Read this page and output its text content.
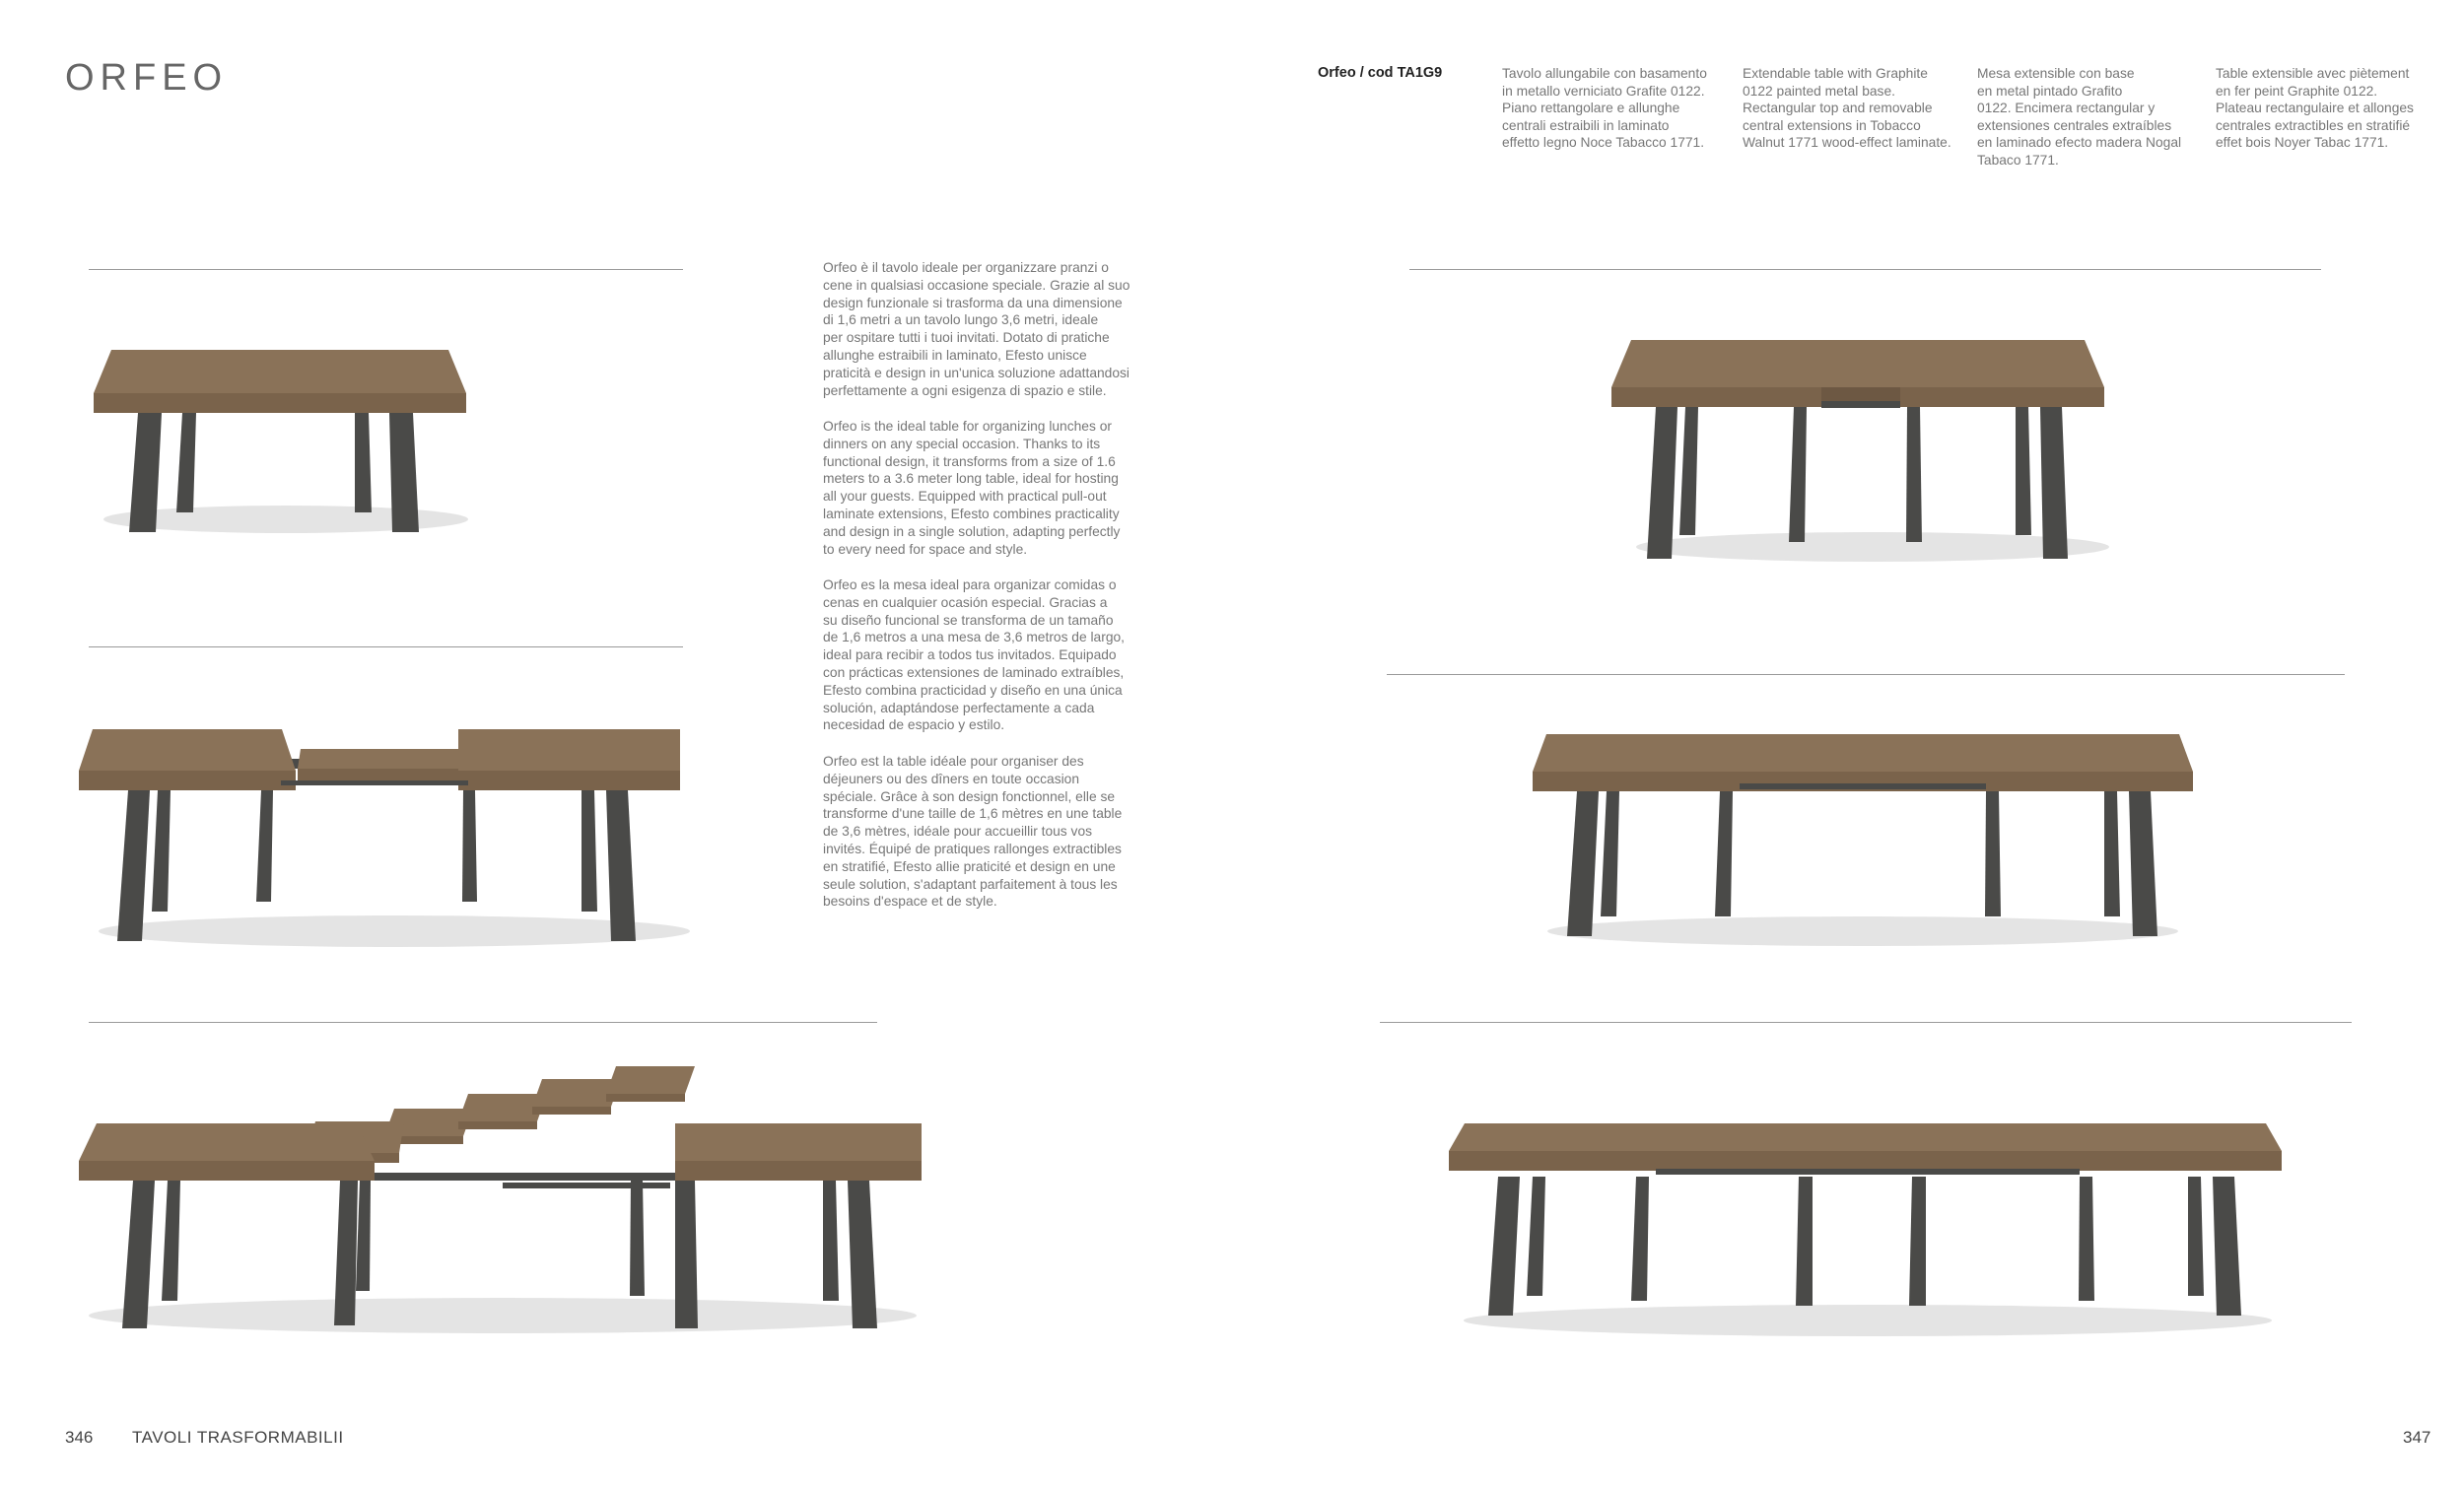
ORFEO	Orfeo / cod TA1G9	Tavolo allungabile con basamento
in metallo verniciato Grafite 0122.
Piano rettangolare e allunghe
centrali estraibili in laminato
effetto legno Noce Tabacco 1771.
Extendable table with Graphite
0122 painted metal base.
Rectangular top and removable
central extensions in Tobacco
Walnut 1771 wood-effect laminate.
Mesa extensible con base
en metal pintado Grafito
0122. Encimera rectangular y
extensiones centrales extraíbles
en laminado efecto madera Nogal
Tabaco 1771.
Table extensible avec piètement
en fer peint Graphite 0122.
Plateau rectangulaire et allonges
centrales extractibles en stratifié
effet bois Noyer Tabac 1771.
Orfeo è il tavolo ideale per organizzare pranzi o
cene in qualsiasi occasione speciale. Grazie al suo
design funzionale si trasforma da una dimensione
di 1,6 metri a un tavolo lungo 3,6 metri, ideale
per ospitare tutti i tuoi invitati. Dotato di pratiche
allunghe estraibili in laminato, Efesto unisce
praticità e design in un'unica soluzione adattandosi
perfettamente a ogni esigenza di spazio e stile.
Orfeo is the ideal table for organizing lunches or
dinners on any special occasion. Thanks to its
functional design, it transforms from a size of 1.6
meters to a 3.6 meter long table, ideal for hosting
all your guests. Equipped with practical pull-out
laminate extensions, Efesto combines practicality
and design in a single solution, adapting perfectly
to every need for space and style.
Orfeo es la mesa ideal para organizar comidas o
cenas en cualquier ocasión especial. Gracias a
su diseño funcional se transforma de un tamaño
de 1,6 metros a una mesa de 3,6 metros de largo,
ideal para recibir a todos tus invitados. Equipado
con prácticas extensiones de laminado extraíbles,
Efesto combina practicidad y diseño en una única
solución, adaptándose perfectamente a cada
necesidad de espacio y estilo.
Orfeo est la table idéale pour organiser des
déjeuners ou des dîners en toute occasion
spéciale. Grâce à son design fonctionnel, elle se
transforme d'une taille de 1,6 mètres en une table
de 3,6 mètres, idéale pour accueillir tous vos
invités. Équipé de pratiques rallonges extractibles
en stratifié, Efesto allie praticité et design en une
seule solution, s'adaptant parfaitement à tous les
besoins d'espace et de style.
346 TAVOLI TRASFORMABILII	347
